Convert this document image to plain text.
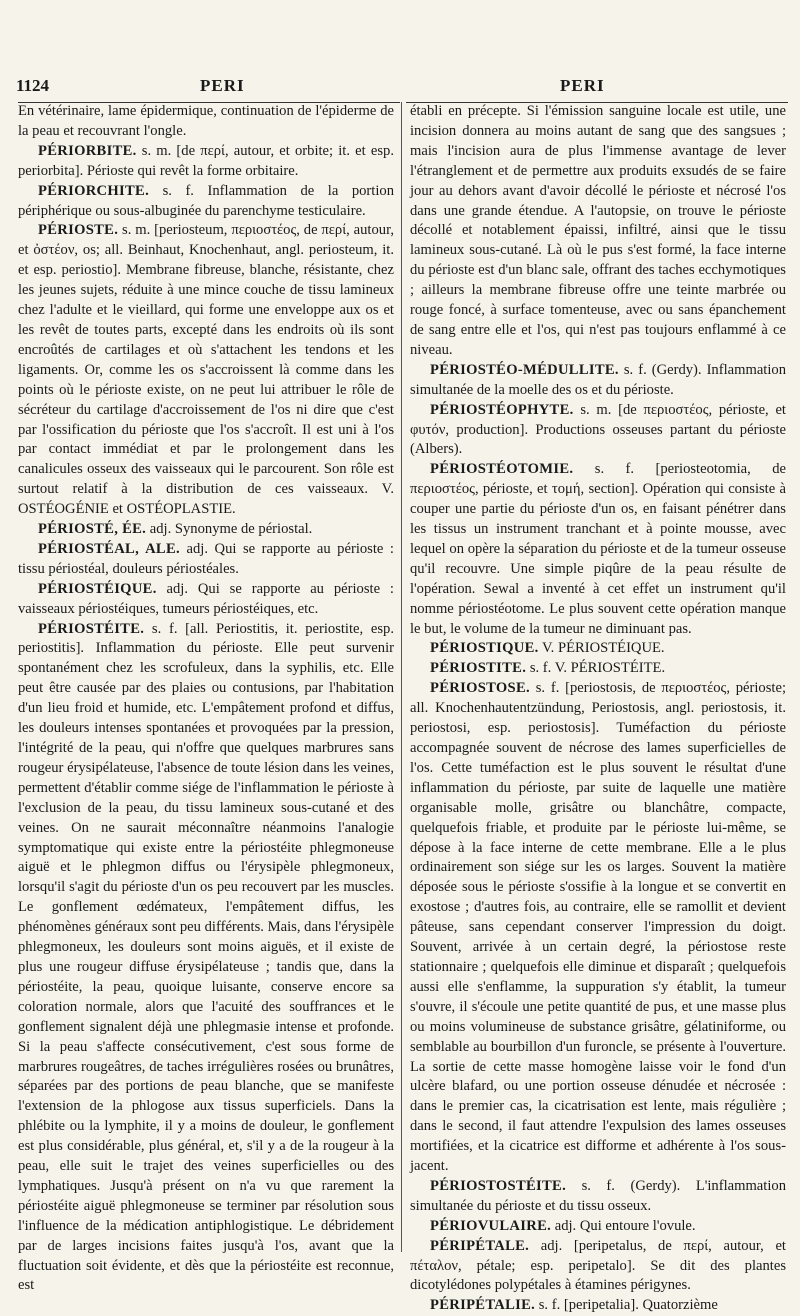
1124	PERI	PERI

En vétérinaire, lame épidermique, continuation de l'épiderme de la peau et recouvrant l'ongle.

PÉRIORBITE. s. m. [de περί, autour, et orbite; it. et esp. periorbita]. Périoste qui revêt la forme orbitaire.

PÉRIORCHITE. s. f. Inflammation de la portion périphérique ou sous-albuginée du parenchyme testiculaire.

PÉRIOSTE. s. m. [periosteum, περιοστέος, de περί, autour, et ὀστέον, os; all. Beinhaut, Knochenhaut, angl. periosteum, it. et esp. periostio]. Membrane fibreuse, blanche, résistante, chez les jeunes sujets, réduite à une mince couche de tissu lamineux chez l'adulte et le vieillard, qui forme une enveloppe aux os et les revêt de toutes parts, excepté dans les endroits où ils sont encroûtés de cartilages et où s'attachent les tendons et les ligaments. Or, comme les os s'accroissent là comme dans les points où le périoste existe, on ne peut lui attribuer le rôle de sécréteur du cartilage d'accroissement de l'os ni dire que c'est par l'ossification du périoste que l'os s'accroît. Il est uni à l'os par contact immédiat et par le prolongement dans les canalicules osseux des vaisseaux qui le parcourent. Son rôle est surtout relatif à la distribution de ces vaisseaux. V. OSTÉOGÉNIE et OSTÉOPLASTIE.

PÉRIOSTÉ, ÉE. adj. Synonyme de périostal.

PÉRIOSTÉAL, ALE. adj. Qui se rapporte au périoste : tissu périostéal, douleurs périostéales.

PÉRIOSTÉIQUE. adj. Qui se rapporte au périoste : vaisseaux périostéiques, tumeurs périostéiques, etc.

PÉRIOSTÉITE. s. f. [all. Periostitis, it. periostite, esp. periostitis]. Inflammation du périoste. Elle peut survenir spontanément chez les scrofuleux, dans la syphilis, etc. Elle peut être causée par des plaies ou contusions, par l'habitation d'un lieu froid et humide, etc. L'empâtement profond et diffus, les douleurs intenses spontanées et provoquées par la pression, l'intégrité de la peau, qui n'offre que quelques marbrures sans rougeur érysipélateuse, l'absence de toute lésion dans les veines, permettent d'établir comme siége de l'inflammation le périoste à l'exclusion de la peau, du tissu lamineux sous-cutané et des veines. On ne saurait méconnaître néanmoins l'analogie symptomatique qui existe entre la périostéite phlegmoneuse aiguë et le phlegmon diffus ou l'érysipèle phlegmoneux, lorsqu'il s'agit du périoste d'un os peu recouvert par les muscles. Le gonflement œdémateux, l'empâtement diffus, les phénomènes généraux sont peu différents. Mais, dans l'érysipèle phlegmoneux, les douleurs sont moins aiguës, et il existe de plus une rougeur diffuse érysipélateuse ; tandis que, dans la périostéite, la peau, quoique luisante, conserve encore sa coloration normale, alors que l'acuité des souffrances et le gonflement signalent déjà une phlegmasie intense et profonde. Si la peau s'affecte consécutivement, c'est sous forme de marbrures rougeâtres, de taches irrégulières rosées ou brunâtres, séparées par des portions de peau blanche, que se manifeste l'extension de la phlogose aux tissus superficiels. Dans la phlébite ou la lymphite, il y a moins de douleur, le gonflement est plus considérable, plus général, et, s'il y a de la rougeur à la peau, elle suit le trajet des veines superficielles ou des lymphatiques. Jusqu'à présent on n'a vu que rarement la périostéite aiguë phlegmoneuse se terminer par résolution sous l'influence de la médication antiphlogistique. Le débridement par de larges incisions faites jusqu'à l'os, avant que la fluctuation soit évidente, et dès que la périostéite est reconnue, est

établi en précepte. Si l'émission sanguine locale est utile, une incision donnera au moins autant de sang que des sangsues ; mais l'incision aura de plus l'immense avantage de lever l'étranglement et de permettre aux produits exsudés de se faire jour au dehors avant d'avoir décollé le périoste et nécrosé l'os dans une grande étendue. A l'autopsie, on trouve le périoste décollé et notablement épaissi, infiltré, ainsi que le tissu lamineux sous-cutané. Là où le pus s'est formé, la face interne du périoste est d'un blanc sale, offrant des taches ecchymotiques ; ailleurs la membrane fibreuse offre une teinte marbrée ou rouge foncé, à surface tomenteuse, avec ou sans épanchement de sang entre elle et l'os, qui n'est pas toujours enflammé à ce niveau.

PÉRIOSTÉO-MÉDULLITE. s. f. (Gerdy). Inflammation simultanée de la moelle des os et du périoste.

PÉRIOSTÉOPHYTE. s. m. [de περιοστέος, périoste, et φυτόν, production]. Productions osseuses partant du périoste (Albers).

PÉRIOSTÉOTOMIE. s. f. [periosteotomia, de περιοστέος, périoste, et τομή, section]. Opération qui consiste à couper une partie du périoste d'un os, en faisant pénétrer dans les tissus un instrument tranchant et à pointe mousse, avec lequel on opère la séparation du périoste et de la tumeur osseuse qu'il recouvre. Une simple piqûre de la peau résulte de l'opération. Sewal a inventé à cet effet un instrument qu'il nomme périostéotome. Le plus souvent cette opération manque le but, le volume de la tumeur ne diminuant pas.

PÉRIOSTIQUE. V. PÉRIOSTÉIQUE.

PÉRIOSTITE. s. f. V. PÉRIOSTÉITE.

PÉRIOSTOSE. s. f. [periostosis, de περιοστέος, périoste; all. Knochenhautentzündung, Periostosis, angl. periostosis, it. periostosi, esp. periostosis]. Tuméfaction du périoste accompagnée souvent de nécrose des lames superficielles de l'os. Cette tuméfaction est le plus souvent le résultat d'une inflammation du périoste, par suite de laquelle une matière organisable molle, grisâtre ou blanchâtre, compacte, quelquefois friable, et produite par le périoste lui-même, se dépose à la face interne de cette membrane. Elle a le plus ordinairement son siége sur les os larges. Souvent la matière déposée sous le périoste s'ossifie à la longue et se convertit en exostose ; d'autres fois, au contraire, elle se ramollit et devient pâteuse, sans cependant conserver l'impression du doigt. Souvent, arrivée à un certain degré, la périostose reste stationnaire ; quelquefois elle diminue et disparaît ; quelquefois aussi elle s'enflamme, la suppuration s'y établit, la tumeur s'ouvre, il s'écoule une petite quantité de pus, et une masse plus ou moins volumineuse de substance grisâtre, gélatiniforme, ou semblable au bourbillon d'un furoncle, se présente à l'ouverture. La sortie de cette masse homogène laisse voir le fond d'un ulcère blafard, ou une portion osseuse dénudée et nécrosée : dans le premier cas, la cicatrisation est lente, mais régulière ; dans le second, il faut attendre l'expulsion des lames osseuses mortifiées, et la cicatrice est difforme et adhérente à l'os sous-jacent.

PÉRIOSTOSTÉITE. s. f. (Gerdy). L'inflammation simultanée du périoste et du tissu osseux.

PÉRIOVULAIRE. adj. Qui entoure l'ovule.

PÉRIPÉTALE. adj. [peripetalus, de περί, autour, et πέταλον, pétale; esp. peripetalo]. Se dit des plantes dicotylédones polypétales à étamines périgynes.

PÉRIPÉTALIE. s. f. [peripetalia]. Quatorzième
